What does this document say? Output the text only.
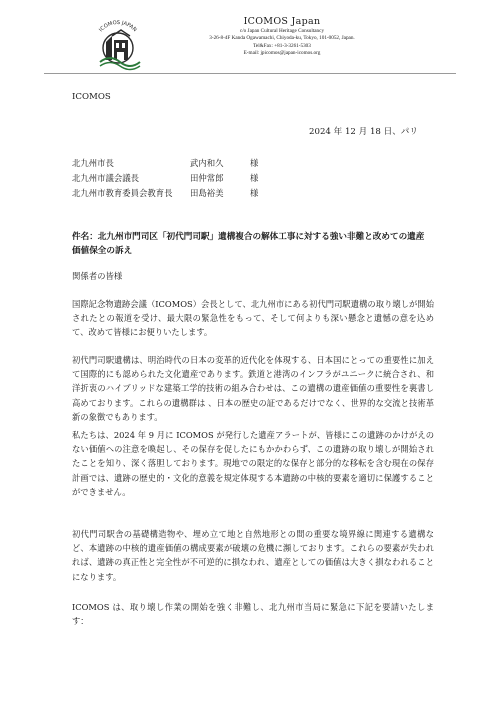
ICOMOS JAPAN
ICOMOS Japan
c/o Japan Cultural Heritage Consultancy
3-26-8-4F Kanda Ogawamachi, Chiyoda-ku, Tokyo, 101-0052, Japan.
Tel&Fax: +81-3-3261-5303
E-mail: jpicomos@japan-icomos.org
ICOMOS
2024 年 12 月 18 日、パリ
北九州市長	武内和久	様
北九州市議会議長	田仲常郎	様
北九州市教育委員会教育長	田島裕美	様
件名：北九州市門司区「初代門司駅」遺構複合の解体工事に対する強い非難と改めての遺産価値保全の訴え
関係者の皆様
国際記念物遺跡会議（ICOMOS）会長として、北九州市にある初代門司駅遺構の取り壊しが開始されたとの報道を受け、最大限の緊急性をもって、そして何よりも深い懸念と遺憾の意を込めて、改めて皆様にお便りいたします。
初代門司駅遺構は、明治時代の日本の変革的近代化を体現する、日本国にとっての重要性に加えて国際的にも認められた文化遺産であります。鉄道と港湾のインフラがユニークに統合され、和洋折衷のハイブリッドな建築工学的技術の組み合わせは、この遺構の遺産価値の重要性を裏書し高めております。これらの遺構群は 、日本の歴史の証であるだけでなく、世界的な交流と技術革新の象徴でもあります。
私たちは、2024 年 9 月に ICOMOS が発行した遺産アラートが、皆様にこの遺跡のかけがえのない価値への注意を喚起し、その保存を促したにもかかわらず、この遺跡の取り壊しが開始されたことを知り、深く落胆しております。現地での限定的な保存と部分的な移転を含む現在の保存計画では、遺跡の歴史的・文化的意義を規定体現する本遺跡の中核的要素を適切に保護することができません。
初代門司駅舎の基礎構造物や、埋め立て地と自然地形との間の重要な境界線に関連する遺構など、本遺跡の中核的遺産価値の構成要素が破壊の危機に瀕しております。これらの要素が失われれば、遺跡の真正性と完全性が不可逆的に損なわれ、遺産としての価値は大きく損なわれることになります。
ICOMOS は、取り壊し作業の開始を強く非難し、北九州市当局に緊急に下記を要請いたします：
